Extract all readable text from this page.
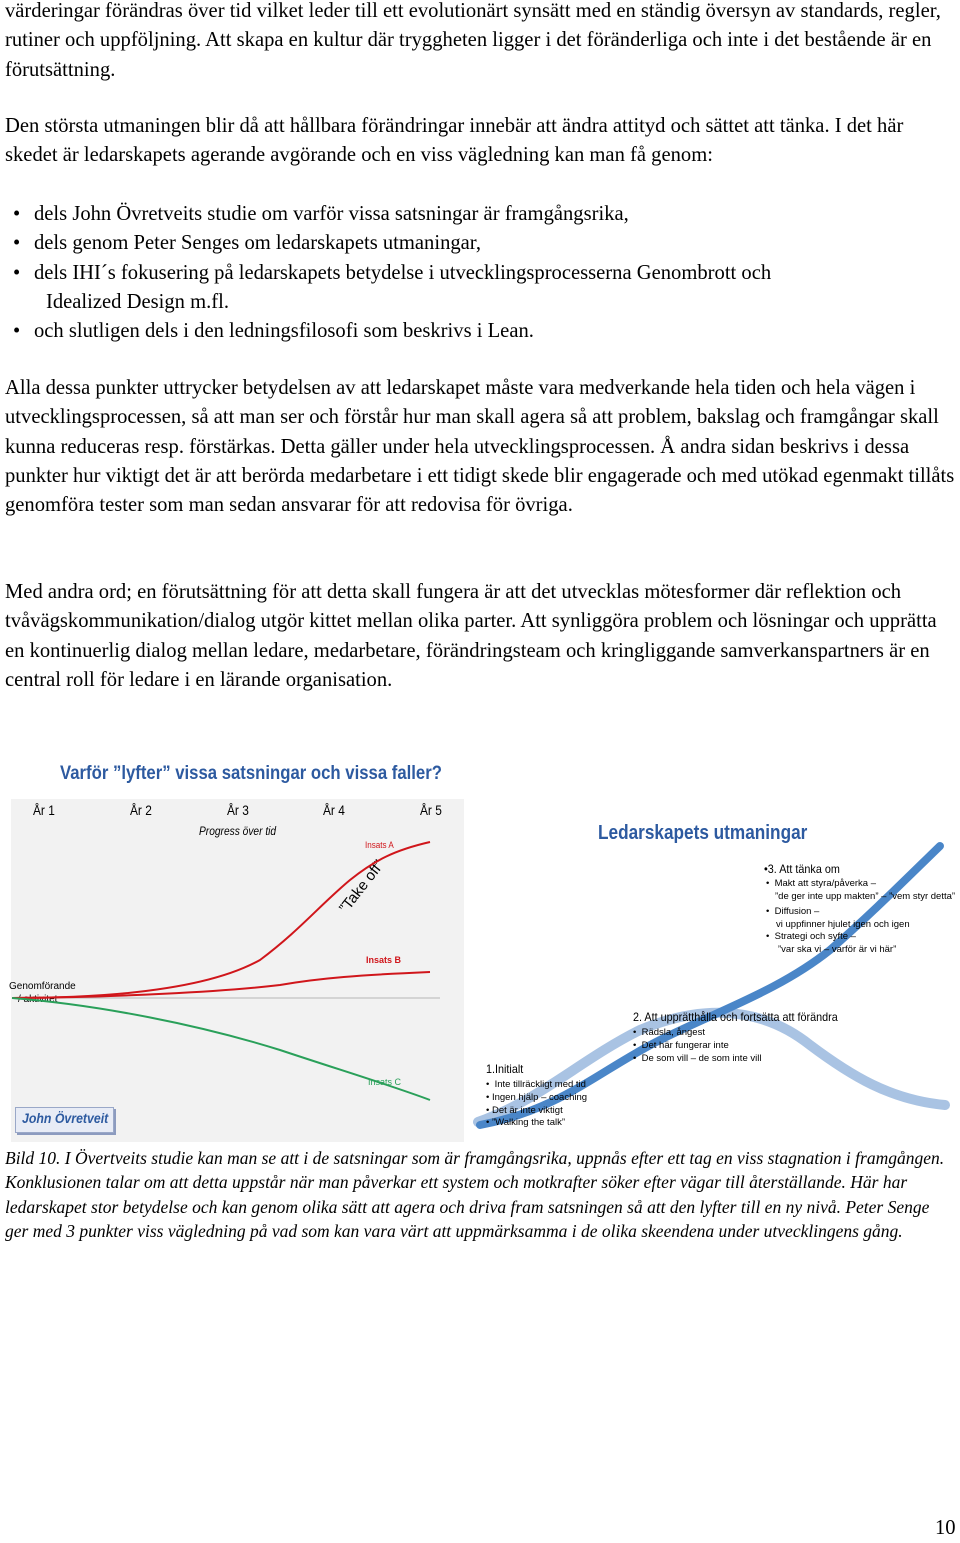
värderingar förändras över tid vilket leder till ett evolutionärt synsätt med en ständig översyn av standards, regler, rutiner och uppföljning. Att skapa en kultur där tryggheten ligger i det föränderliga och inte i det bestående är en förutsättning.

Den största utmaningen blir då att hållbara förändringar innebär att ändra attityd och sättet att tänka. I det här skedet är ledarskapets agerande avgörande och en viss vägledning kan man få genom:

• dels John Övretveits studie om varför vissa satsningar är framgångsrika,
• dels genom Peter Senges om ledarskapets utmaningar,
• dels IHI´s fokusering på ledarskapets betydelse i utvecklingsprocesserna Genombrott och
Idealized Design m.fl.
• och slutligen dels i den ledningsfilosofi som beskrivs i Lean.

Alla dessa punkter uttrycker betydelsen av att ledarskapet måste vara medverkande hela tiden och hela vägen i utvecklingsprocessen, så att man ser och förstår hur man skall agera så att problem, bakslag och framgångar skall kunna reduceras resp. förstärkas. Detta gäller under hela utvecklingsprocessen. Å andra sidan beskrivs i dessa punkter hur viktigt det är att berörda medarbetare i ett tidigt skede blir engagerade och med utökad egenmakt tillåts genomföra tester som man sedan ansvarar för att redovisa för övriga.

Med andra ord; en förutsättning för att detta skall fungera är att det utvecklas mötesformer där reflektion och tvåvägskommunikation/dialog utgör kittet mellan olika parter. Att synliggöra problem och lösningar och upprätta en kontinuerlig dialog mellan ledare, medarbetare, förändringsteam och kringliggande samverkanspartners är en central roll för ledare i en lärande organisation.

Varför ”lyfter” vissa satsningar och vissa faller?
År 1	År 2	År 3	År 4	År 5
Progress över tid
Insats A
”Take off”
Insats B
Insats C
Genomförande
/ aktivitet
John Övretveit
Ledarskapets utmaningar
•3. Att tänka om
•  Makt att styra/påverka –
”de ger inte upp makten” – ”vem styr detta”
•  Diffusion –
vi uppfinner hjulet igen och igen
•  Strategi och syfte –
”var ska vi – varför är vi här”
2. Att upprätthålla och fortsätta att förändra
•  Rädsla, ångest
•  Det här fungerar inte
•  De som vill – de som inte vill
1.Initialt
•  Inte tillräckligt med tid
• Ingen hjälp – coaching
• Det är inte viktigt
• ”Walking the talk”

Bild 10. I Övertveits studie kan man se att i de satsningar som är framgångsrika, uppnås efter ett tag en viss stagnation i framgången. Konklusionen talar om att detta uppstår när man påverkar ett system och motkrafter söker efter vägar till återställande. Här har ledarskapet stor betydelse och kan genom olika sätt att agera och driva fram satsningen så att den lyfter till en ny nivå. Peter Senge ger med 3 punkter viss vägledning på vad som kan vara värt att uppmärksamma i de olika skeendena under utvecklingens gång.

10
